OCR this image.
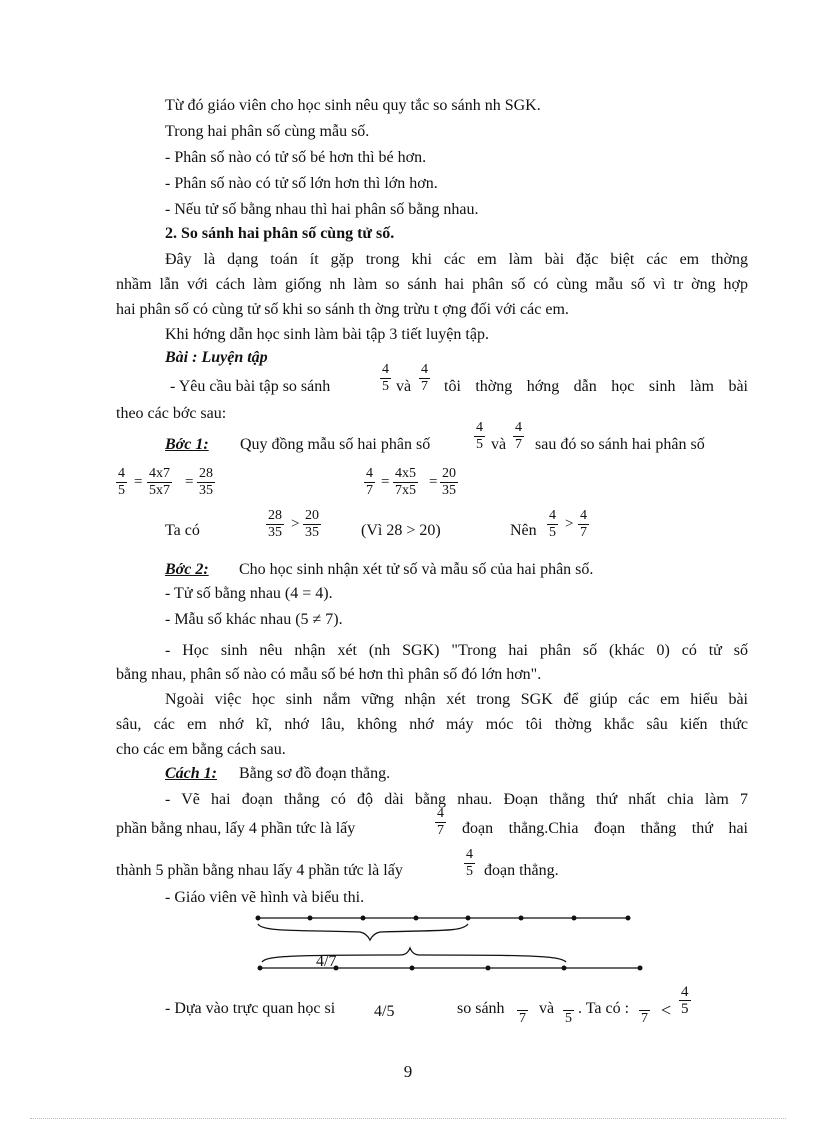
Từ đó giáo viên cho học sinh nêu quy tắc so sánh nh SGK.
Trong hai phân số cùng mẫu số.
- Phân số nào có tử số bé hơn thì bé hơn.
- Phân số nào có tử số lớn hơn thì lớn hơn.
- Nếu tử số bằng nhau thì hai phân số bằng nhau.
2. So sánh hai phân số cùng tử số.
Đây là dạng toán ít gặp trong khi các em làm bài đặc biệt các em thờng
nhầm lẫn với cách làm giống nh làm so sánh hai phân số có cùng mẫu số vì tr ờng hợp
hai phân số có cùng tử số khi so sánh th ờng trừu t ợng đối với các em.
Khi hớng dẫn học sinh làm bài tập 3 tiết luyện tập.
Bài : Luyện tập
- Yêu cầu bài tập so sánh
4
5 và
4
7 tôi thờng hớng dẫn học sinh làm bài
theo các bớc sau:
Bớc 1: Quy đồng mẫu số hai phân số
4
5 và
4
7 sau đó so sánh hai phân số
4
5
=
4x7
5x7
=
28
35
4
7
=
4x5
7x5
=
20
35
Ta có
28
35
>
20
35	(Vì 28 > 20)	Nên
4
5
>
4
7
Bớc 2: Cho học sinh nhận xét tử số và mẫu số của hai phân số.
- Tử số bằng nhau (4 = 4).
- Mẫu số khác nhau (5 ≠ 7).
- Học sinh nêu nhận xét (nh SGK) "Trong hai phân số (khác 0) có tử số
bằng nhau, phân số nào có mẫu số bé hơn thì phân số đó lớn hơn".
Ngoài việc học sinh nắm vững nhận xét trong SGK để giúp các em hiểu bài
sâu, các em nhớ kĩ, nhớ lâu, không nhớ máy móc tôi thờng khắc sâu kiến thức
cho các em bằng cách sau.
Cách 1: Bằng sơ đồ đoạn thẳng.
- Vẽ hai đoạn thẳng có độ dài bằng nhau. Đoạn thẳng thứ nhất chia làm 7
phần bằng nhau, lấy 4 phần tức là lấy
4
7 đoạn thẳng.Chia đoạn thẳng thứ hai
thành 5 phần bằng nhau lấy 4 phần tức là lấy
4
5 đoạn thẳng.
- Giáo viên vẽ hình và biểu thi.
4/7
- Dựa vào trực quan học si 4/5	so sánh
7
và
5
. Ta có :
7 <
4
5
9
